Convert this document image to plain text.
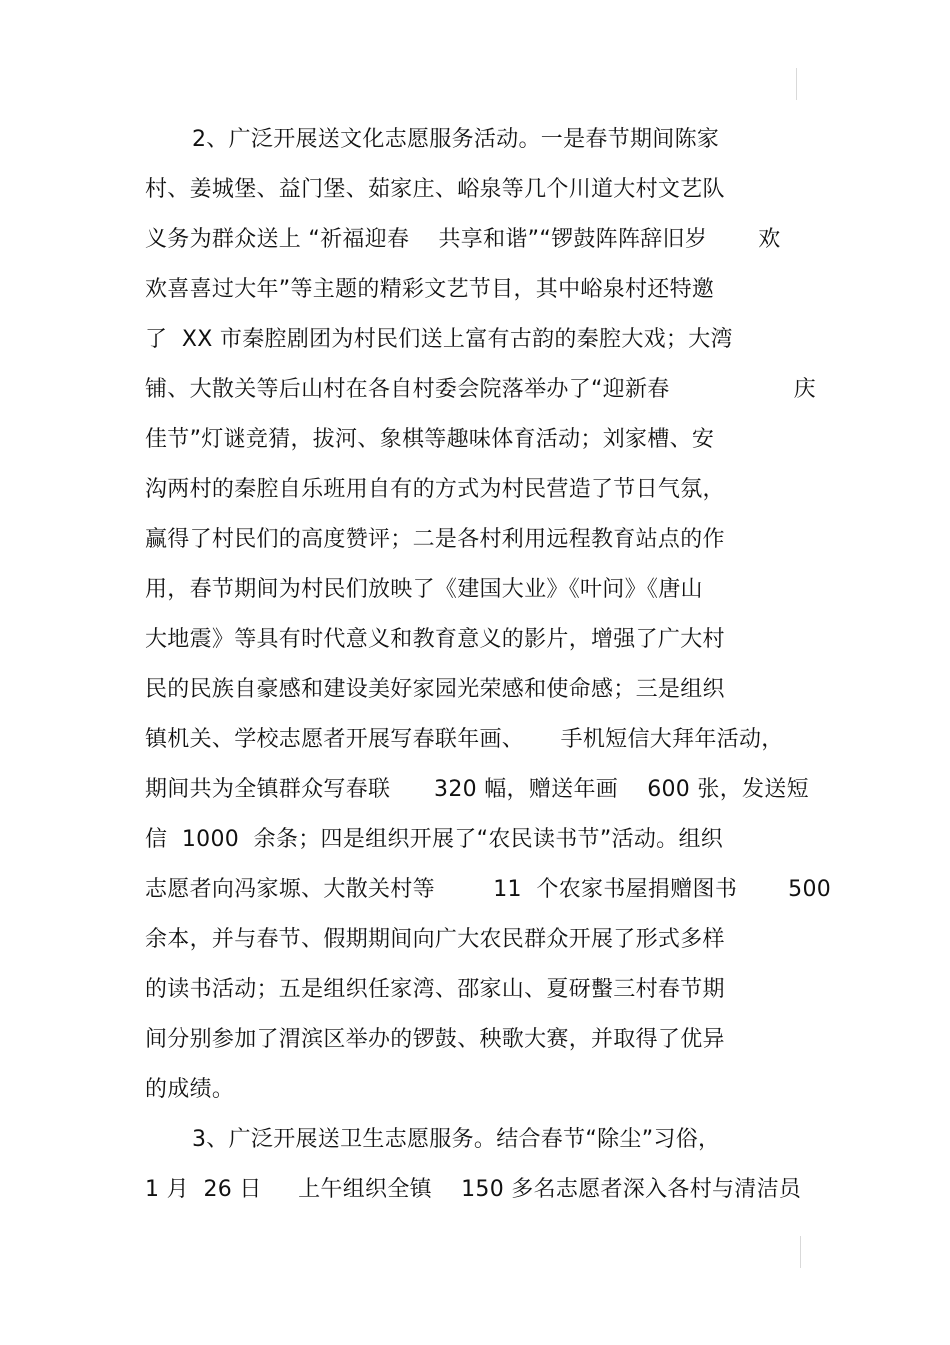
2、广泛开展送文化志愿服务活动。一是春节期间陈家
村、姜城堡、益门堡、茹家庄、峪泉等几个川道大村文艺队
义务为群众送上 “祈福迎春    共享和谐”“锣鼓阵阵辞旧岁       欢
欢喜喜过大年”等主题的精彩文艺节目，其中峪泉村还特邀
了  XX 市秦腔剧团为村民们送上富有古韵的秦腔大戏；大湾
铺、大散关等后山村在各自村委会院落举办了“迎新春                 庆
佳节”灯谜竞猜，拔河、象棋等趣味体育活动；刘家槽、安
沟两村的秦腔自乐班用自有的方式为村民营造了节日气氛，
赢得了村民们的高度赞评；二是各村利用远程教育站点的作
用，春节期间为村民们放映了《建国大业》《叶问》《唐山
大地震》等具有时代意义和教育意义的影片，增强了广大村
民的民族自豪感和建设美好家园光荣感和使命感；三是组织
镇机关、学校志愿者开展写春联年画、     手机短信大拜年活动，
期间共为全镇群众写春联      320 幅，赠送年画    600 张，发送短
信  1000  余条；四是组织开展了“农民读书节”活动。组织
志愿者向冯家塬、大散关村等        11  个农家书屋捐赠图书       500
余本，并与春节、假期期间向广大农民群众开展了形式多样
的读书活动；五是组织任家湾、邵家山、夏砑蟿三村春节期
间分别参加了渭滨区举办的锣鼓、秧歌大赛，并取得了优异
的成绩。
3、广泛开展送卫生志愿服务。结合春节“除尘”习俗，
1 月  26 日     上午组织全镇    150 多名志愿者深入各村与清洁员
